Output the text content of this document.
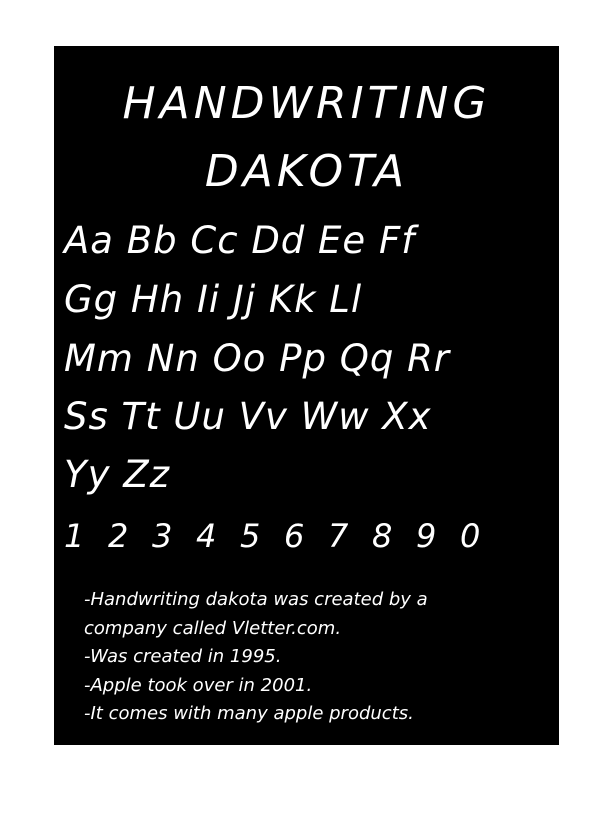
HANDWRITING
DAKOTA
Aa Bb Cc Dd Ee Ff
Gg Hh Ii Jj Kk Ll
Mm Nn Oo Pp Qq Rr
Ss Tt Uu Vv Ww Xx
Yy Zz
1 2 3 4 5 6 7 8 9 0
-Handwriting dakota was created by a
company called Vletter.com.
-Was created in 1995.
-Apple took over in 2001.
-It comes with many apple products.
